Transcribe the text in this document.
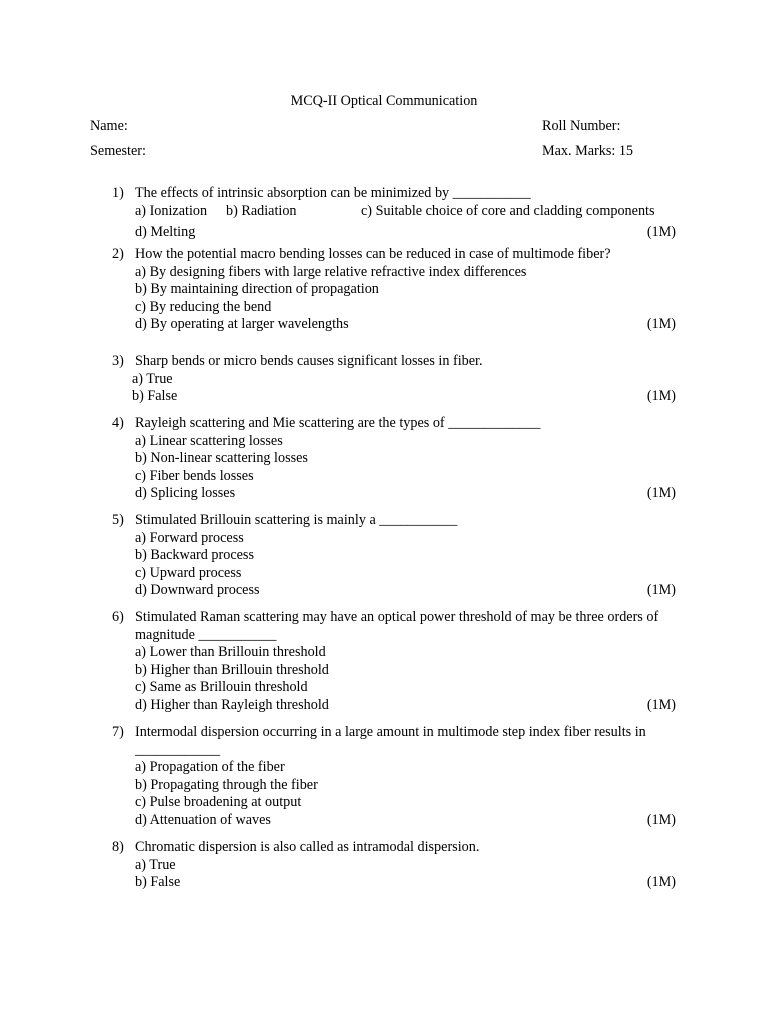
MCQ-II Optical Communication
Name:	Roll Number:
Semester:	Max. Marks: 15
1) The effects of intrinsic absorption can be minimized by ___________
a) Ionization b) Radiation	c) Suitable choice of core and cladding components
d) Melting	(1M)
2) How the potential macro bending losses can be reduced in case of multimode fiber?
a) By designing fibers with large relative refractive index differences
b) By maintaining direction of propagation
c) By reducing the bend
d) By operating at larger wavelengths	(1M)
3) Sharp bends or micro bends causes significant losses in fiber.
a) True
b) False	(1M)
4) Rayleigh scattering and Mie scattering are the types of _____________
a) Linear scattering losses
b) Non-linear scattering losses
c) Fiber bends losses
d) Splicing losses	(1M)
5) Stimulated Brillouin scattering is mainly a ___________
a) Forward process
b) Backward process
c) Upward process
d) Downward process	(1M)
6) Stimulated Raman scattering may have an optical power threshold of may be three orders of magnitude ___________
a) Lower than Brillouin threshold
b) Higher than Brillouin threshold
c) Same as Brillouin threshold
d) Higher than Rayleigh threshold	(1M)
7) Intermodal dispersion occurring in a large amount in multimode step index fiber results in ____________
a) Propagation of the fiber
b) Propagating through the fiber
c) Pulse broadening at output
d) Attenuation of waves	(1M)
8) Chromatic dispersion is also called as intramodal dispersion.
a) True
b) False	(1M)
